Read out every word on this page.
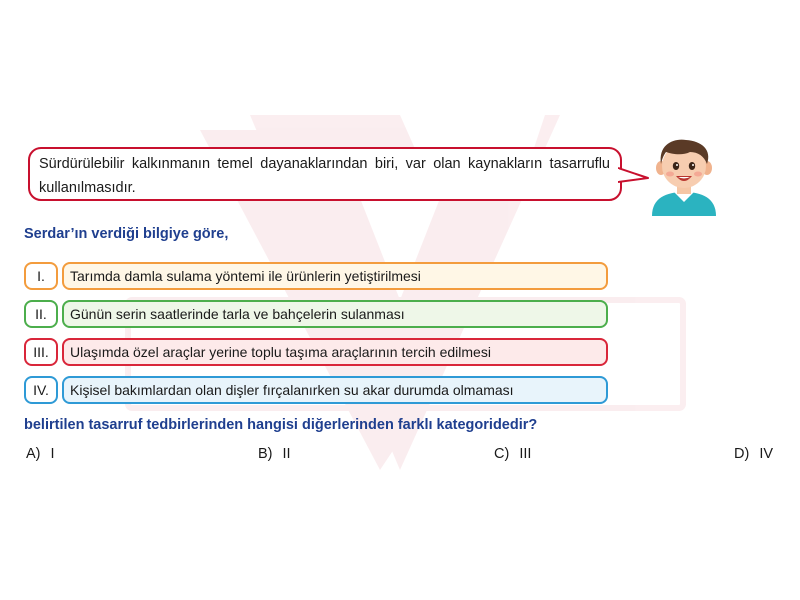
Sürdürülebilir kalkınmanın temel dayanaklarından biri, var olan kaynakların tasarruflu kullanılmasıdır.
Serdar’ın verdiği bilgiye göre,
I.	Tarımda damla sulama yöntemi ile ürünlerin yetiştirilmesi
II.	Günün serin saatlerinde tarla ve bahçelerin sulanması
III.	Ulaşımda özel araçlar yerine toplu taşıma araçlarının tercih edilmesi
IV.	Kişisel bakımlardan olan dişler fırçalanırken su akar durumda olmaması
belirtilen tasarruf tedbirlerinden hangisi diğerlerinden farklı kategoridedir?
A) I	B) II	C) III	D) IV
